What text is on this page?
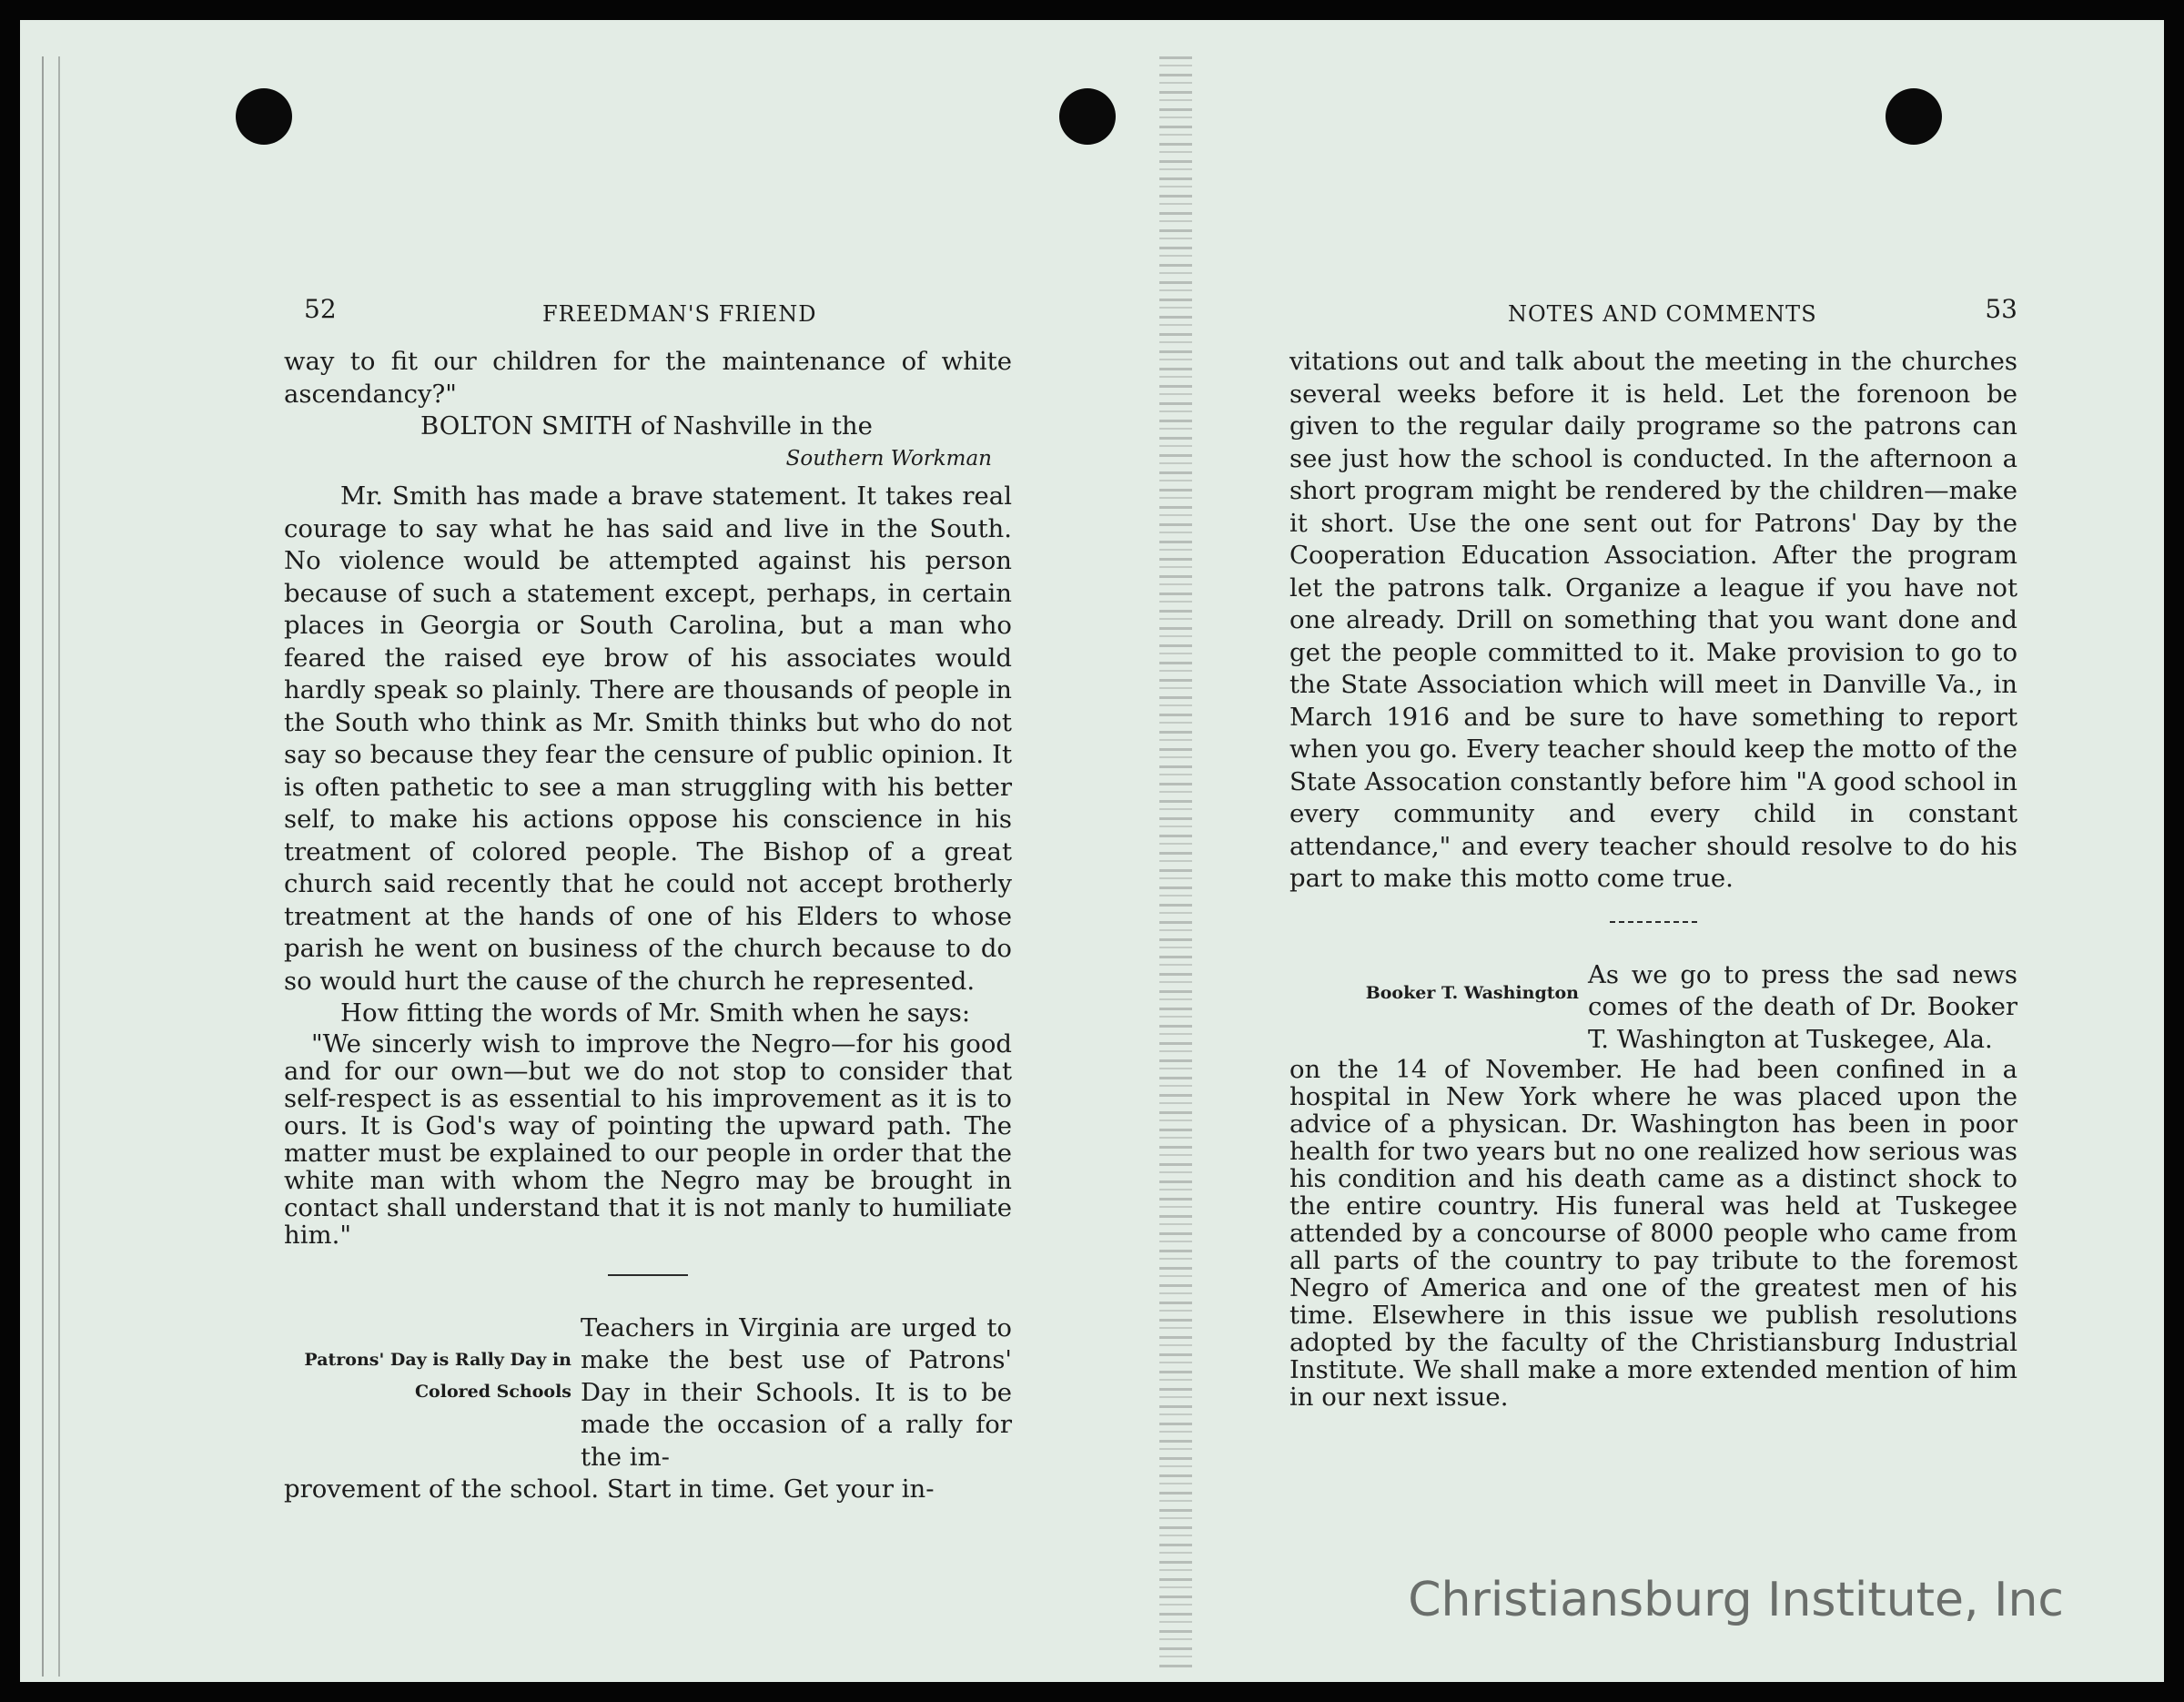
52	FREEDMAN'S FRIEND

way to fit our children for the maintenance of white ascendancy?"

BOLTON SMITH of Nashville in the

Southern Workman

Mr. Smith has made a brave statement. It takes real courage to say what he has said and live in the South. No violence would be attempted against his person because of such a statement except, perhaps, in certain places in Georgia or South Carolina, but a man who feared the raised eye brow of his associates would hardly speak so plainly. There are thousands of people in the South who think as Mr. Smith thinks but who do not say so because they fear the censure of public opinion. It is often pathetic to see a man struggling with his better self, to make his actions oppose his conscience in his treatment of colored people. The Bishop of a great church said recently that he could not accept brotherly treatment at the hands of one of his Elders to whose parish he went on business of the church because to do so would hurt the cause of the church he represented.

How fitting the words of Mr. Smith when he says:

"We sincerly wish to improve the Negro—for his good and for our own—but we do not stop to consider that self-respect is as essential to his improvement as it is to ours. It is God's way of pointing the upward path. The matter must be explained to our people in order that the white man with whom the Negro may be brought in contact shall understand that it is not manly to humiliate him."

Patrons' Day is Rally Day in Colored Schools

Teachers in Virginia are urged to make the best use of Patrons' Day in their Schools. It is to be made the occasion of a rally for the im-

provement of the school. Start in time. Get your in-

NOTES AND COMMENTS	53

vitations out and talk about the meeting in the churches several weeks before it is held. Let the forenoon be given to the regular daily programe so the patrons can see just how the school is conducted. In the afternoon a short program might be rendered by the children—make it short. Use the one sent out for Patrons' Day by the Cooperation Education Association. After the program let the patrons talk. Organize a league if you have not one already. Drill on something that you want done and get the people committed to it. Make provision to go to the State Association which will meet in Danville Va., in March 1916 and be sure to have something to report when you go. Every teacher should keep the motto of the State Assocation constantly before him "A good school in every community and every child in constant attendance," and every teacher should resolve to do his part to make this motto come true.

Booker T. Washington

As we go to press the sad news comes of the death of Dr. Booker T. Washington at Tuskegee, Ala.

on the 14 of November. He had been confined in a hospital in New York where he was placed upon the advice of a physican. Dr. Washington has been in poor health for two years but no one realized how serious was his condition and his death came as a distinct shock to the entire country. His funeral was held at Tuskegee attended by a concourse of 8000 people who came from all parts of the country to pay tribute to the foremost Negro of America and one of the greatest men of his time. Elsewhere in this issue we publish resolutions adopted by the faculty of the Christiansburg Industrial Institute. We shall make a more extended mention of him in our next issue.

Christiansburg Institute, Inc
